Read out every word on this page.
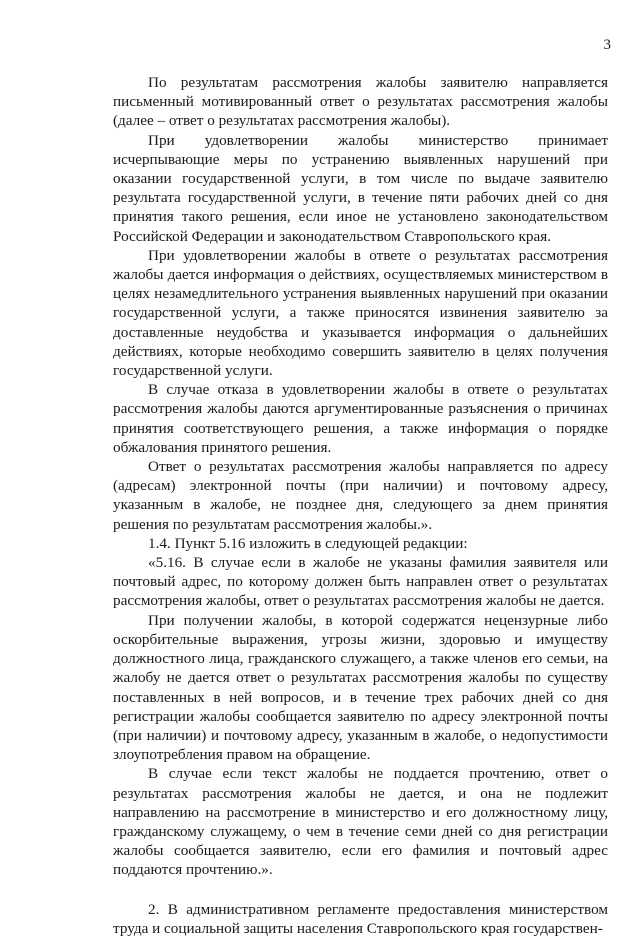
3

По результатам рассмотрения жалобы заявителю направляется письменный мотивированный ответ о результатах рассмотрения жалобы (далее – ответ о результатах рассмотрения жалобы).

При удовлетворении жалобы министерство принимает исчерпывающие меры по устранению выявленных нарушений при оказании государственной услуги, в том числе по выдаче заявителю результата государственной услуги, в течение пяти рабочих дней со дня принятия такого решения, если иное не установлено законодательством Российской Федерации и законодательством Ставропольского края.

При удовлетворении жалобы в ответе о результатах рассмотрения жалобы дается информация о действиях, осуществляемых министерством в целях незамедлительного устранения выявленных нарушений при оказании государственной услуги, а также приносятся извинения заявителю за доставленные неудобства и указывается информация о дальнейших действиях, которые необходимо совершить заявителю в целях получения государственной услуги.

В случае отказа в удовлетворении жалобы в ответе о результатах рассмотрения жалобы даются аргументированные разъяснения о причинах принятия соответствующего решения, а также информация о порядке обжалования принятого решения.

Ответ о результатах рассмотрения жалобы направляется по адресу (адресам) электронной почты (при наличии) и почтовому адресу, указанным в жалобе, не позднее дня, следующего за днем принятия решения по результатам рассмотрения жалобы.».

1.4. Пункт 5.16 изложить в следующей редакции:

«5.16. В случае если в жалобе не указаны фамилия заявителя или почтовый адрес, по которому должен быть направлен ответ о результатах рассмотрения жалобы, ответ о результатах рассмотрения жалобы не дается.

При получении жалобы, в которой содержатся нецензурные либо оскорбительные выражения, угрозы жизни, здоровью и имуществу должностного лица, гражданского служащего, а также членов его семьи, на жалобу не дается ответ о результатах рассмотрения жалобы по существу поставленных в ней вопросов, и в течение трех рабочих дней со дня регистрации жалобы сообщается заявителю по адресу электронной почты (при наличии) и почтовому адресу, указанным в жалобе, о недопустимости злоупотребления правом на обращение.

В случае если текст жалобы не поддается прочтению, ответ о результатах рассмотрения жалобы не дается, и она не подлежит направлению на рассмотрение в министерство и его должностному лицу, гражданскому служащему, о чем в течение семи дней со дня регистрации жалобы сообщается заявителю, если его фамилия и почтовый адрес поддаются прочтению.».

2. В административном регламенте предоставления министерством труда и социальной защиты населения Ставропольского края государствен-
